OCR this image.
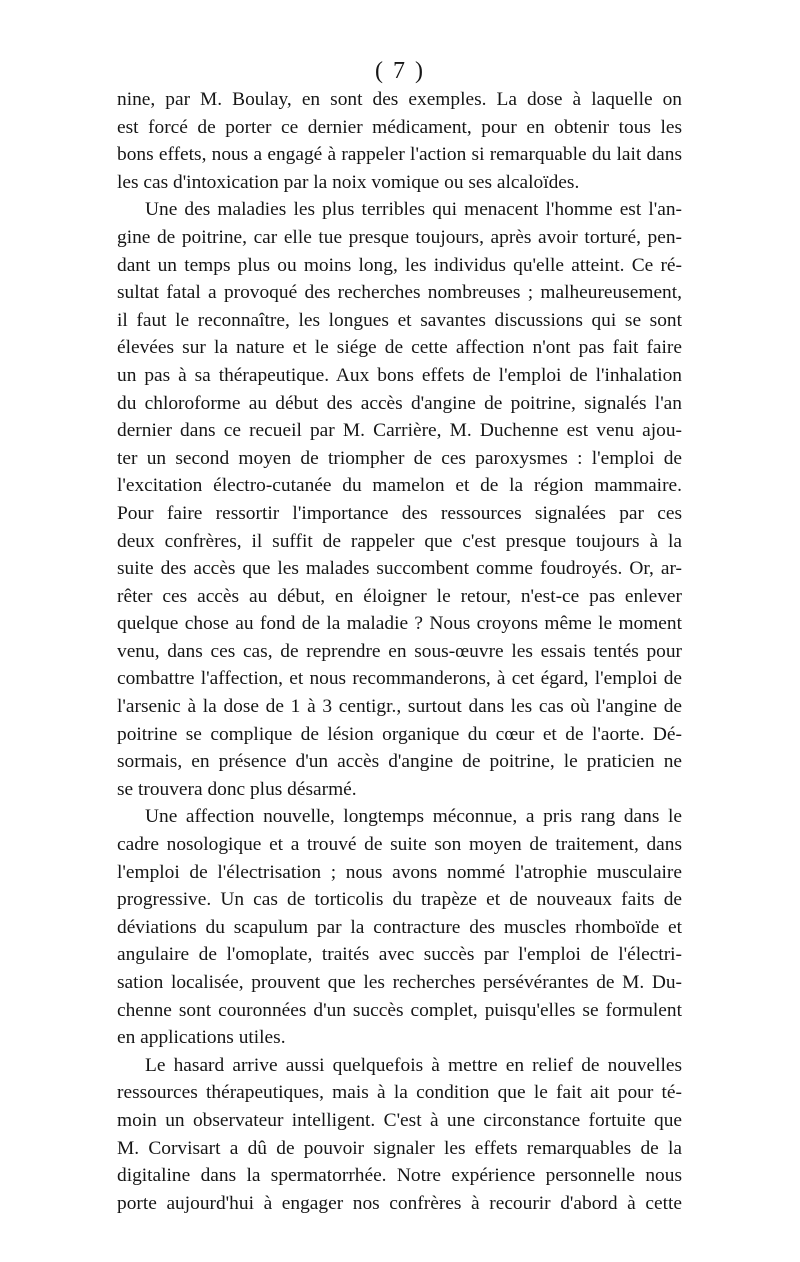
( 7 )
nine, par M. Boulay, en sont des exemples. La dose à laquelle on
est forcé de porter ce dernier médicament, pour en obtenir tous les
bons effets, nous a engagé à rappeler l'action si remarquable du lait dans
les cas d'intoxication par la noix vomique ou ses alcaloïdes.
Une des maladies les plus terribles qui menacent l'homme est l'an-
gine de poitrine, car elle tue presque toujours, après avoir torturé, pen-
dant un temps plus ou moins long, les individus qu'elle atteint. Ce ré-
sultat fatal a provoqué des recherches nombreuses ; malheureusement,
il faut le reconnaître, les longues et savantes discussions qui se sont
élevées sur la nature et le siége de cette affection n'ont pas fait faire
un pas à sa thérapeutique. Aux bons effets de l'emploi de l'inhalation
du chloroforme au début des accès d'angine de poitrine, signalés l'an
dernier dans ce recueil par M. Carrière, M. Duchenne est venu ajou-
ter un second moyen de triompher de ces paroxysmes : l'emploi de
l'excitation électro-cutanée du mamelon et de la région mammaire.
Pour faire ressortir l'importance des ressources signalées par ces
deux confrères, il suffit de rappeler que c'est presque toujours à la
suite des accès que les malades succombent comme foudroyés. Or, ar-
rêter ces accès au début, en éloigner le retour, n'est-ce pas enlever
quelque chose au fond de la maladie ? Nous croyons même le moment
venu, dans ces cas, de reprendre en sous-œuvre les essais tentés pour
combattre l'affection, et nous recommanderons, à cet égard, l'emploi de
l'arsenic à la dose de 1 à 3 centigr., surtout dans les cas où l'angine de
poitrine se complique de lésion organique du cœur et de l'aorte. Dé-
sormais, en présence d'un accès d'angine de poitrine, le praticien ne
se trouvera donc plus désarmé.
Une affection nouvelle, longtemps méconnue, a pris rang dans le
cadre nosologique et a trouvé de suite son moyen de traitement, dans
l'emploi de l'électrisation ; nous avons nommé l'atrophie musculaire
progressive. Un cas de torticolis du trapèze et de nouveaux faits de
déviations du scapulum par la contracture des muscles rhomboïde et
angulaire de l'omoplate, traités avec succès par l'emploi de l'électri-
sation localisée, prouvent que les recherches persévérantes de M. Du-
chenne sont couronnées d'un succès complet, puisqu'elles se formulent
en applications utiles.
Le hasard arrive aussi quelquefois à mettre en relief de nouvelles
ressources thérapeutiques, mais à la condition que le fait ait pour té-
moin un observateur intelligent. C'est à une circonstance fortuite que
M. Corvisart a dû de pouvoir signaler les effets remarquables de la
digitaline dans la spermatorrhée. Notre expérience personnelle nous
porte aujourd'hui à engager nos confrères à recourir d'abord à cette
